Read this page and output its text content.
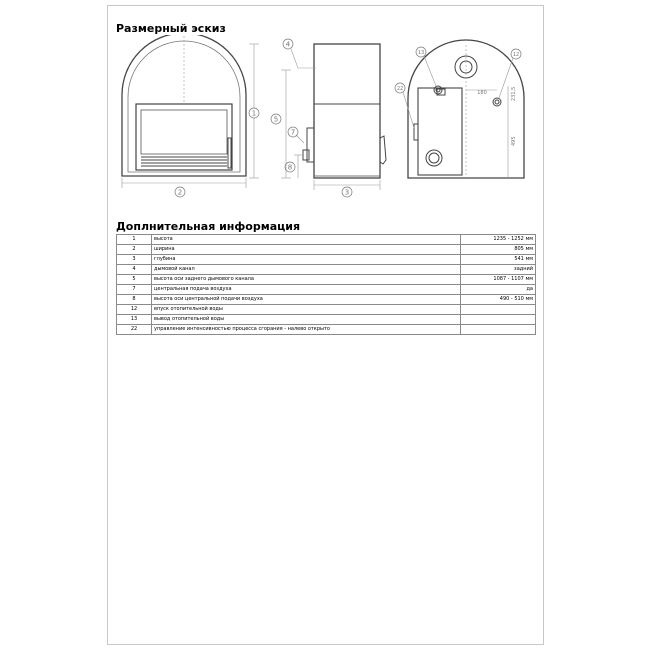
Размерный эскиз
2
1
3
4
5
7
8
13	12
22
180	231,5
495
Доплнительная информация
1	высота	1235 - 1252 мм
2	ширина	805 мм
3	глубина	541 мм
4	дымовой канал	задний
5	высота оси заднего дымового канала	1087 - 1107 мм
7	центральная подача воздуха	да
8	высота оси центральной подачи воздуха	490 - 510 мм
12	впуск отопительной воды	
13	вывод отопительной воды	
22	управление интенсивностью процесса сгорания - налево открыто	
